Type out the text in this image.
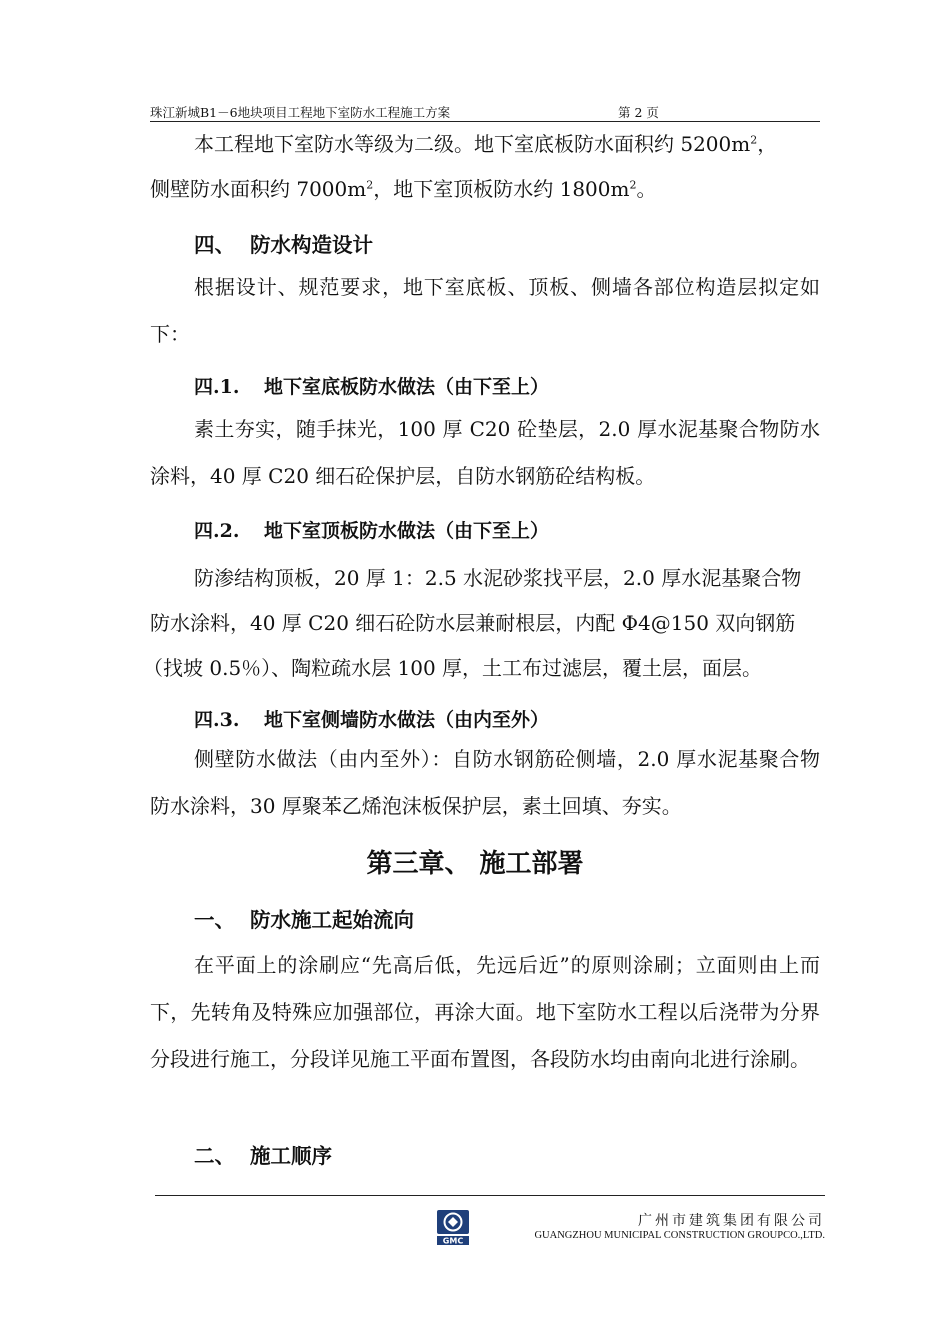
珠江新城B1－6地块项目工程地下室防水工程施工方案	第 2 页

本工程地下室防水等级为二级。地下室底板防水面积约 $5200m^2$，

侧壁防水面积约 $7000m^2$，地下室顶板防水约 $1800m^2$。

四、 防水构造设计

根据设计、规范要求，地下室底板、顶板、侧墙各部位构造层拟定如下：

四.1. 地下室底板防水做法（由下至上）

素土夯实，随手抹光，100 厚 C20 砼垫层，2.0 厚水泥基聚合物防水涂料，40 厚 C20 细石砼保护层，自防水钢筋砼结构板。

四.2. 地下室顶板防水做法（由下至上）

防渗结构顶板，20 厚 1：2.5 水泥砂浆找平层，2.0 厚水泥基聚合物

防水涂料，40 厚 C20 细石砼防水层兼耐根层，内配 Φ4@150 双向钢筋

（找坡 0.5％）、陶粒疏水层 100 厚，土工布过滤层，覆土层，面层。

四.3. 地下室侧墙防水做法（由内至外）

侧壁防水做法（由内至外）：自防水钢筋砼侧墙，2.0 厚水泥基聚合物防水涂料，30 厚聚苯乙烯泡沫板保护层，素土回填、夯实。

第三章、 施工部署
一、 防水施工起始流向

在平面上的涂刷应“先高后低，先远后近”的原则涂刷；立面则由上而下，先转角及特殊应加强部位，再涂大面。地下室防水工程以后浇带为分界分段进行施工，分段详见施工平面布置图，各段防水均由南向北进行涂刷。

二、 施工顺序
GMC
广州市建筑集团有限公司
GUANGZHOU MUNICIPAL CONSTRUCTION GROUPCO.,LTD.
